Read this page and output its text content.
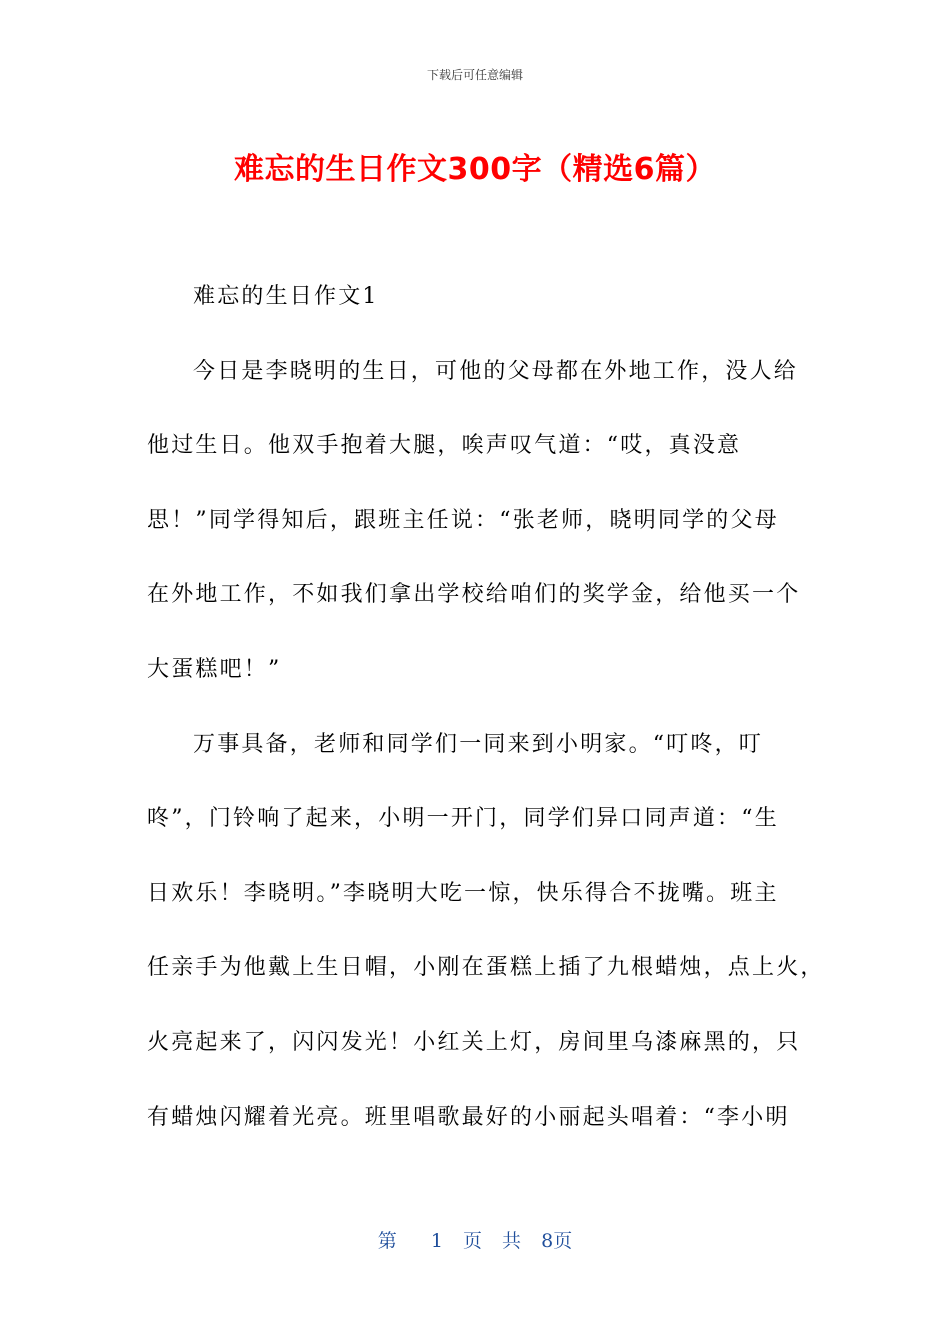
下载后可任意编辑
难忘的生日作文300字（精选6篇）
难忘的生日作文1
今日是李晓明的生日，可他的父母都在外地工作，没人给
他过生日。他双手抱着大腿，唉声叹气道：“哎，真没意
思！”同学得知后，跟班主任说：“张老师，晓明同学的父母
在外地工作，不如我们拿出学校给咱们的奖学金，给他买一个
大蛋糕吧！”
万事具备，老师和同学们一同来到小明家。“叮咚，叮
咚”，门铃响了起来，小明一开门，同学们异口同声道：“生
日欢乐！李晓明。”李晓明大吃一惊，快乐得合不拢嘴。班主
任亲手为他戴上生日帽，小刚在蛋糕上插了九根蜡烛，点上火，
火亮起来了，闪闪发光！小红关上灯，房间里乌漆麻黑的，只
有蜡烛闪耀着光亮。班里唱歌最好的小丽起头唱着：“李小明
第 1 页 共 8页
